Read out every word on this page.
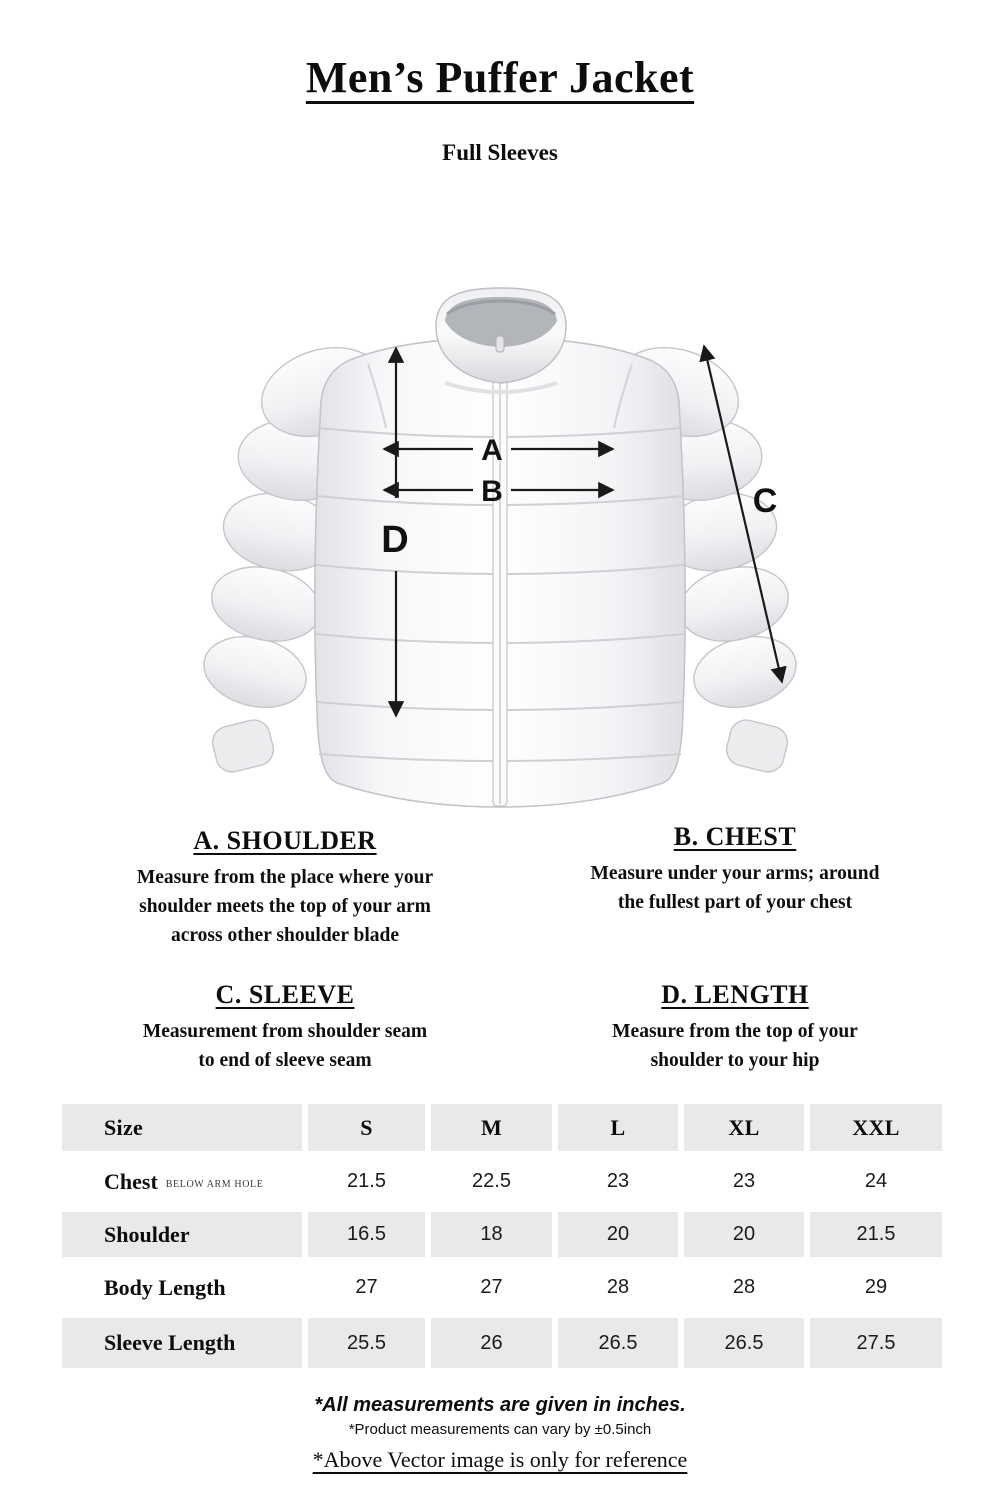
Men’s Puffer Jacket
Full Sleeves
A
B	C
D
A. SHOULDER
Measure from the place where your
shoulder meets the top of your arm
across other shoulder blade
B. CHEST
Measure under your arms; around
the fullest part of your chest
C. SLEEVE
Measurement from shoulder seam
to end of sleeve seam
D. LENGTH
Measure from the top of your
shoulder to your hip
Size	S	M	L	XL	XXL
Chest BELOW ARM HOLE	21.5	22.5	23	23	24
Shoulder	16.5	18	20	20	21.5
Body Length	27	27	28	28	29
Sleeve Length	25.5	26	26.5	26.5	27.5
*All measurements are given in inches.
*Product measurements can vary by ±0.5inch
*Above Vector image is only for reference
